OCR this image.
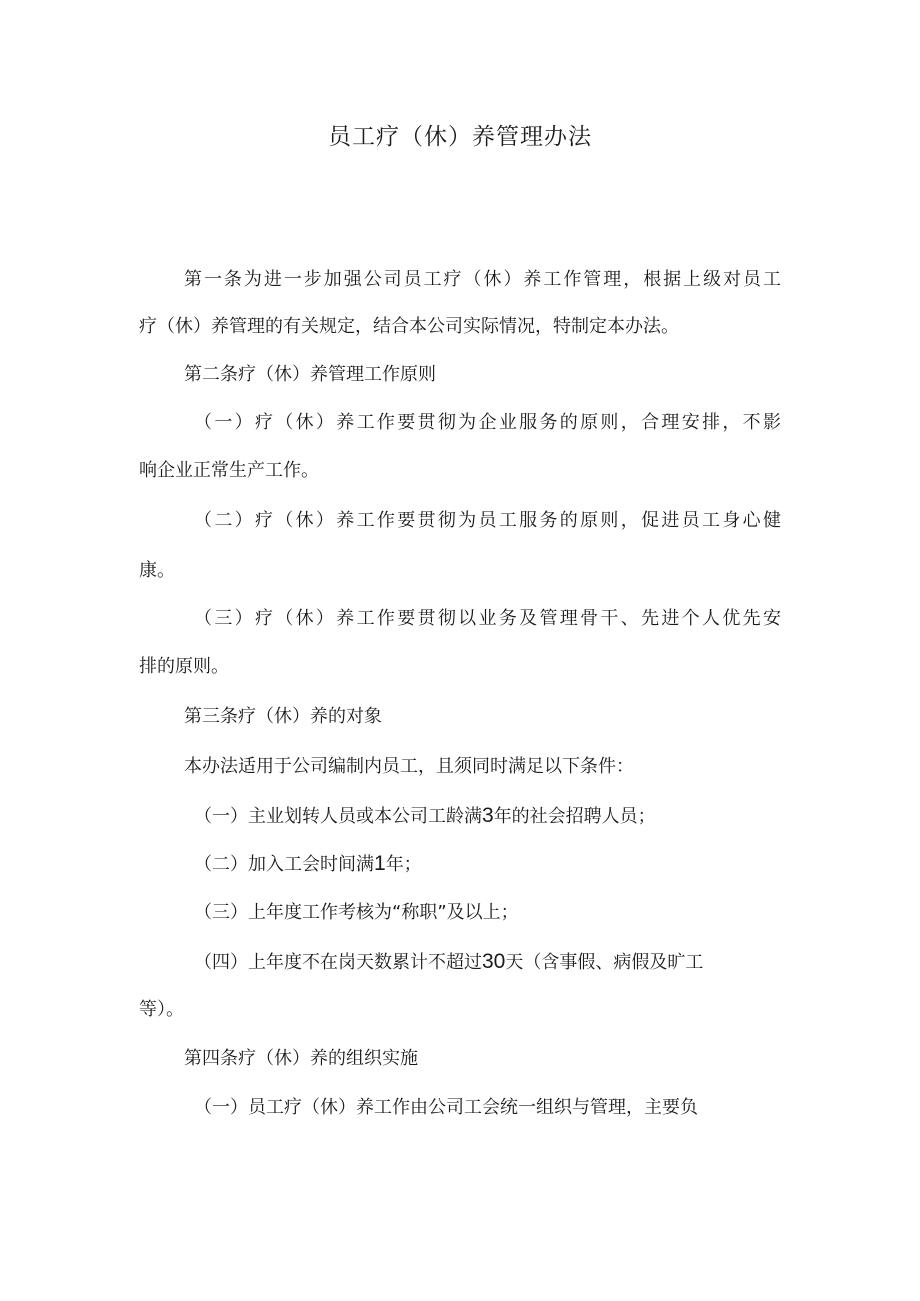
员工疗（休）养管理办法

第一条为进一步加强公司员工疗（休）养工作管理，根据上级对员工

疗（休）养管理的有关规定，结合本公司实际情况，特制定本办法。

第二条疗（休）养管理工作原则

（一）疗（休）养工作要贯彻为企业服务的原则，合理安排，不影

响企业正常生产工作。

（二）疗（休）养工作要贯彻为员工服务的原则，促进员工身心健

康。

（三）疗（休）养工作要贯彻以业务及管理骨干、先进个人优先安

排的原则。

第三条疗（休）养的对象

本办法适用于公司编制内员工，且须同时满足以下条件：

（一）主业划转人员或本公司工龄满3年的社会招聘人员；

（二）加入工会时间满1年；

（三）上年度工作考核为“称职”及以上；

（四）上年度不在岗天数累计不超过30天（含事假、病假及旷工

等）。

第四条疗（休）养的组织实施

（一）员工疗（休）养工作由公司工会统一组织与管理，主要负
